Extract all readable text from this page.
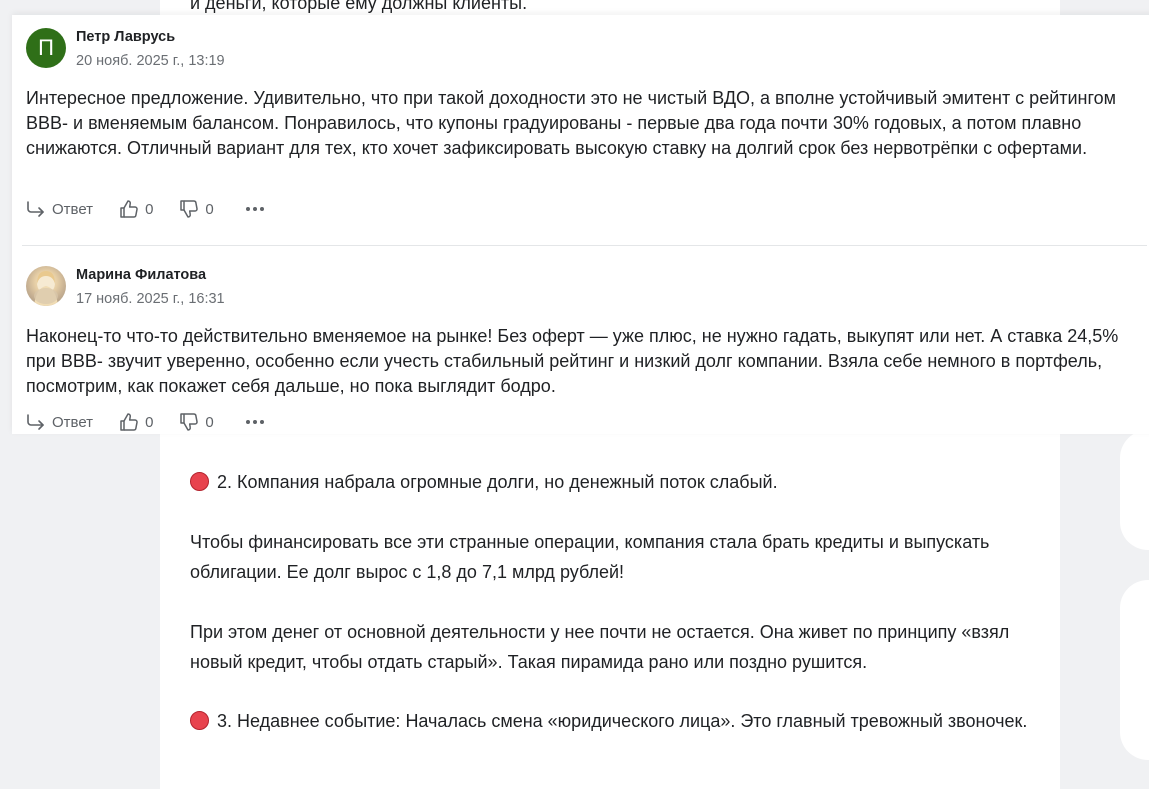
и деньги, которые ему должны клиенты.

2. Компания набрала огромные долги, но денежный поток слабый.

Чтобы финансировать все эти странные операции, компания стала брать кредиты и выпускать облигации. Ее долг вырос с 1,8 до 7,1 млрд рублей!

При этом денег от основной деятельности у нее почти не остается. Она живет по принципу «взял новый кредит, чтобы отдать старый». Такая пирамида рано или поздно рушится.

3. Недавнее событие: Началась смена «юридического лица». Это главный тревожный звоночек.

П	Петр Лаврусь
20 нояб. 2025 г., 13:19
Интересное предложение. Удивительно, что при такой доходности это не чистый ВДО, а вполне устойчивый эмитент с рейтингом BBB- и вменяемым балансом. Понравилось, что купоны градуированы - первые два года почти 30% годовых, а потом плавно снижаются. Отличный вариант для тех, кто хочет зафиксировать высокую ставку на долгий срок без нервотрёпки с офертами.
Ответ	0	0
Марина Филатова
17 нояб. 2025 г., 16:31
Наконец-то что-то действительно вменяемое на рынке! Без оферт — уже плюс, не нужно гадать, выкупят или нет. А ставка 24,5% при BBB- звучит уверенно, особенно если учесть стабильный рейтинг и низкий долг компании. Взяла себе немного в портфель, посмотрим, как покажет себя дальше, но пока выглядит бодро.
Ответ	0	0
